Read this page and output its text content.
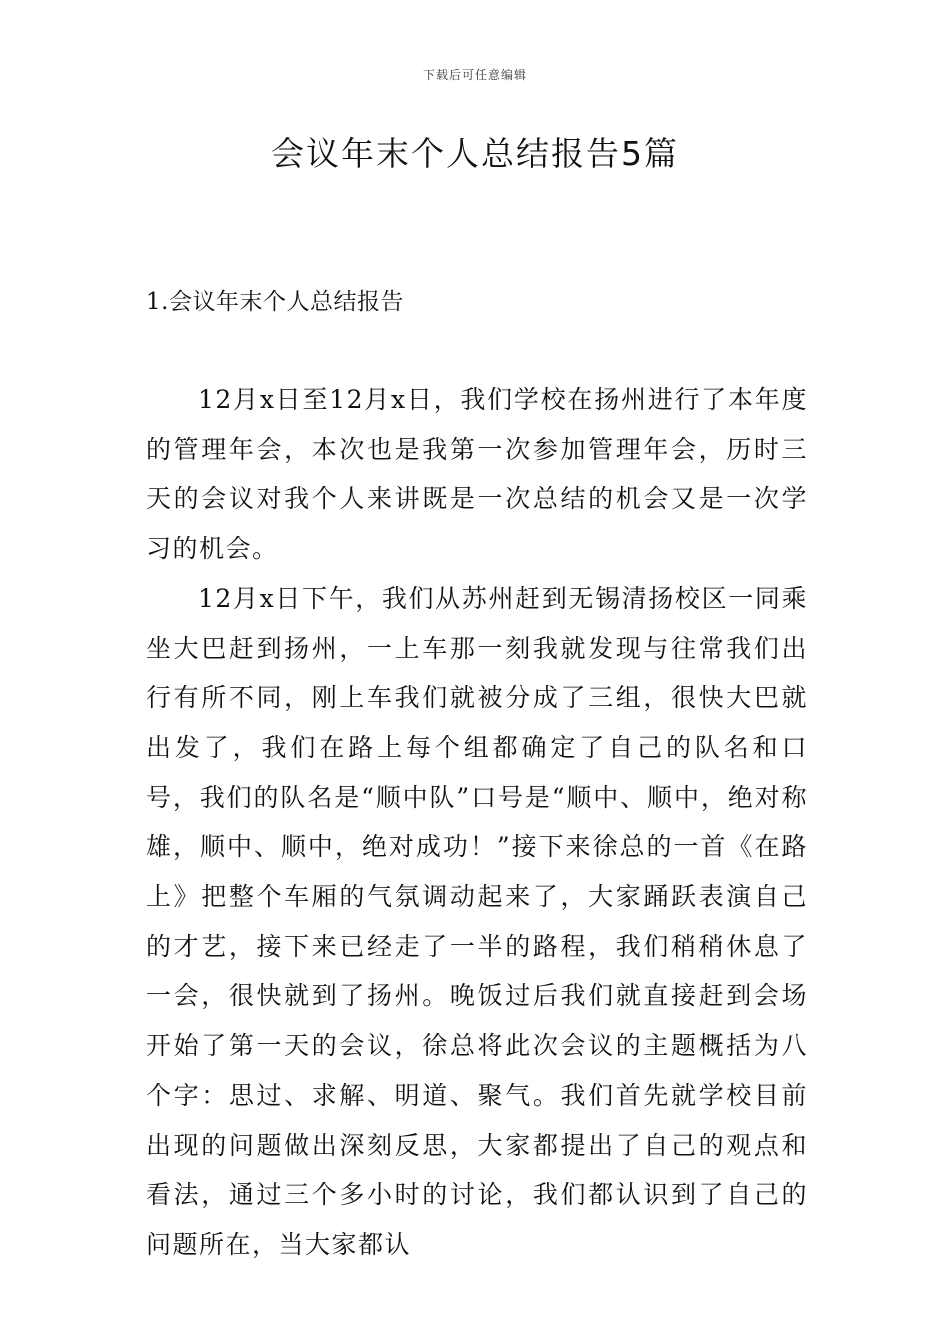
下载后可任意编辑
会议年末个人总结报告5篇
1.会议年末个人总结报告

12月x日至12月x日，我们学校在扬州进行了本年度的管理年会，本次也是我第一次参加管理年会，历时三天的会议对我个人来讲既是一次总结的机会又是一次学习的机会。

12月x日下午，我们从苏州赶到无锡清扬校区一同乘坐大巴赶到扬州，一上车那一刻我就发现与往常我们出行有所不同，刚上车我们就被分成了三组，很快大巴就出发了，我们在路上每个组都确定了自己的队名和口号，我们的队名是“顺中队”口号是“顺中、顺中，绝对称雄，顺中、顺中，绝对成功！”接下来徐总的一首《在路上》把整个车厢的气氛调动起来了，大家踊跃表演自己的才艺，接下来已经走了一半的路程，我们稍稍休息了一会，很快就到了扬州。晚饭过后我们就直接赶到会场开始了第一天的会议，徐总将此次会议的主题概括为八个字：思过、求解、明道、聚气。我们首先就学校目前出现的问题做出深刻反思，大家都提出了自己的观点和看法，通过三个多小时的讨论，我们都认识到了自己的问题所在，当大家都认
